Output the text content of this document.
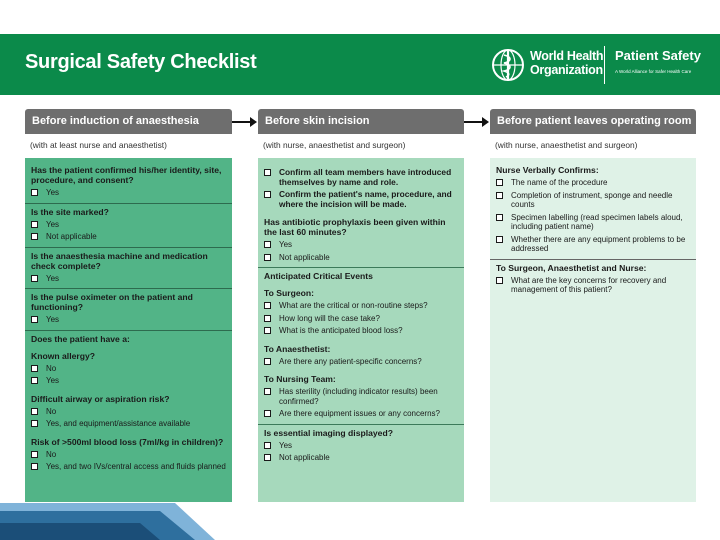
Surgical Safety Checklist	World Health
Organization
Patient Safety
A World Alliance for Safer Health Care
Before induction of anaesthesia	Before skin incision	Before patient leaves operating room
(with at least nurse and anaesthetist)	(with nurse, anaesthetist and surgeon)	(with nurse, anaesthetist and surgeon)
Has the patient confirmed his/her identity, site, procedure, and consent?
Yes
Is the site marked?
Yes
Not applicable
Is the anaesthesia machine and medication check complete?
Yes
Is the pulse oximeter on the patient and functioning?
Yes
Does the patient have a:
Known allergy?
No
Yes
Difficult airway or aspiration risk?
No
Yes, and equipment/assistance available
Risk of >500ml blood loss (7ml/kg in children)?
No
Yes, and two IVs/central access and fluids planned
Confirm all team members have introduced themselves by name and role.
Confirm the patient's name, procedure, and where the incision will be made.
Has antibiotic prophylaxis been given within the last 60 minutes?
Yes
Not applicable
Anticipated Critical Events
To Surgeon:
What are the critical or non-routine steps?
How long will the case take?
What is the anticipated blood loss?
To Anaesthetist:
Are there any patient-specific concerns?
To Nursing Team:
Has sterility (including indicator results) been confirmed?
Are there equipment issues or any concerns?
Is essential imaging displayed?
Yes
Not applicable
Nurse Verbally Confirms:
The name of the procedure
Completion of instrument, sponge and needle counts
Specimen labelling (read specimen labels aloud, including patient name)
Whether there are any equipment problems to be addressed
To Surgeon, Anaesthetist and Nurse:
What are the key concerns for recovery and management of this patient?
